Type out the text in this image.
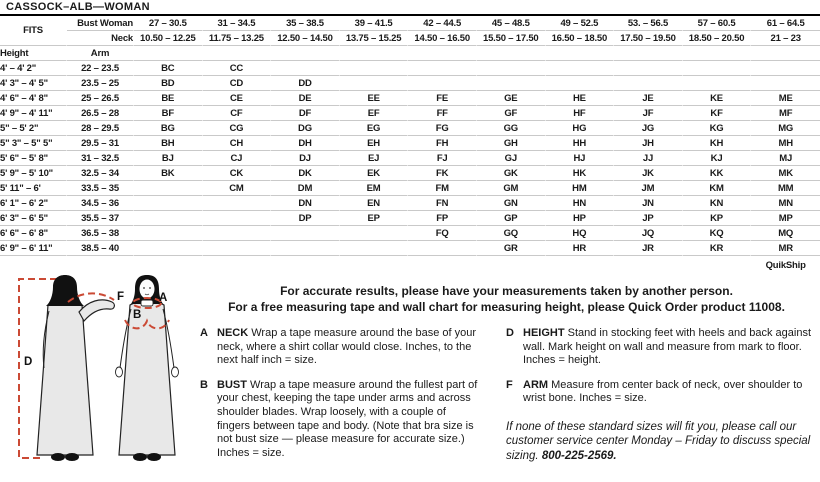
CASSOCK–ALB—WOMAN
FITS	Bust Woman	27 – 30.5	31 – 34.5	35 – 38.5	39 – 41.5	42 – 44.5	45 – 48.5	49 – 52.5	53. – 56.5	57 – 60.5	61 – 64.5
	Neck	10.50 – 12.25	11.75 – 13.25	12.50 – 14.50	13.75 – 15.25	14.50 – 16.50	15.50 – 17.50	16.50 – 18.50	17.50 – 19.50	18.50 – 20.50	21 – 23
Height	Arm										
4' – 4' 2"	22 – 23.5	BC	CC								
4' 3" – 4' 5"	23.5 – 25	BD	CD	DD							
4' 6" – 4' 8"	25 – 26.5	BE	CE	DE	EE	FE	GE	HE	JE	KE	ME
4' 9" – 4' 11"	26.5 – 28	BF	CF	DF	EF	FF	GF	HF	JF	KF	MF
5" – 5' 2"	28 – 29.5	BG	CG	DG	EG	FG	GG	HG	JG	KG	MG
5" 3" – 5" 5"	29.5 – 31	BH	CH	DH	EH	FH	GH	HH	JH	KH	MH
5' 6" – 5' 8"	31 – 32.5	BJ	CJ	DJ	EJ	FJ	GJ	HJ	JJ	KJ	MJ
5' 9" – 5' 10"	32.5 – 34	BK	CK	DK	EK	FK	GK	HK	JK	KK	MK
5' 11" – 6'	33.5 – 35		CM	DM	EM	FM	GM	HM	JM	KM	MM
6' 1" – 6' 2"	34.5 – 36			DN	EN	FN	GN	HN	JN	KN	MN
6' 3" – 6' 5"	35.5 – 37			DP	EP	FP	GP	HP	JP	KP	MP
6' 6" – 6' 8"	36.5 – 38					FQ	GQ	HQ	JQ	KQ	MQ
6' 9" – 6' 11"	38.5 – 40						GR	HR	JR	KR	MR
											QuikShip
F	A
B
D
For accurate results, please have your measurements taken by another person.
For a free measuring tape and wall chart for measuring height, please Quick Order product 11008.
A NECK Wrap a tape measure around the base of your neck, where a shirt collar would close. Inches, to the next half inch = size.

B BUST Wrap a tape measure around the fullest part of your chest, keeping the tape under arms and across shoulder blades. Wrap loosely, with a couple of fingers between tape and body. (Note that bra size is not bust size — please measure for accurate size.) Inches = size.

D HEIGHT Stand in stocking feet with heels and back against wall. Mark height on wall and measure from mark to floor. Inches = height.

F ARM Measure from center back of neck, over shoulder to wrist bone. Inches = size.

If none of these standard sizes will fit you, please call our customer service center Monday – Friday to discuss special sizing. 800-225-2569.
